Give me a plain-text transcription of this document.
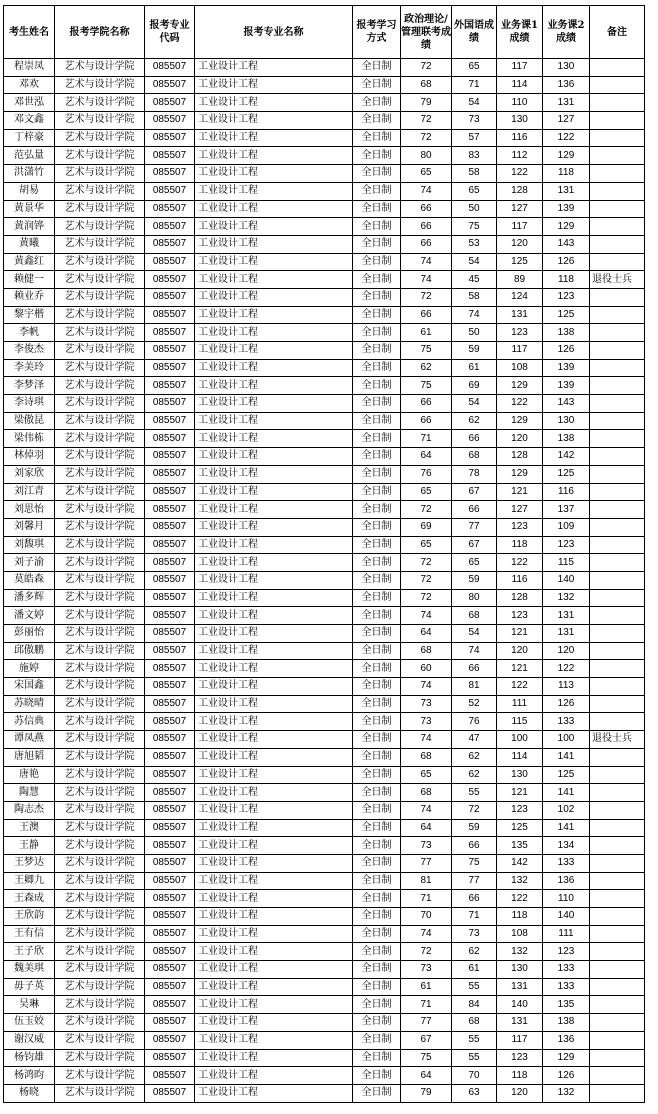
考生姓名	报考学院名称	报考专业代码	报考专业名称	报考学习方式	政治理论/管理联考成绩	外国语成绩	业务课1成绩	业务课2成绩	备注
程崇凤	艺术与设计学院	085507	工业设计工程	全日制	72	65	117	130	
邓欢	艺术与设计学院	085507	工业设计工程	全日制	68	71	114	136	
邓世泓	艺术与设计学院	085507	工业设计工程	全日制	79	54	110	131	
邓文鑫	艺术与设计学院	085507	工业设计工程	全日制	72	73	130	127	
丁梓豪	艺术与设计学院	085507	工业设计工程	全日制	72	57	116	122	
范弘量	艺术与设计学院	085507	工业设计工程	全日制	80	83	112	129	
洪潇竹	艺术与设计学院	085507	工业设计工程	全日制	65	58	122	118	
胡易	艺术与设计学院	085507	工业设计工程	全日制	74	65	128	131	
黄景华	艺术与设计学院	085507	工业设计工程	全日制	66	50	127	139	
黄润铧	艺术与设计学院	085507	工业设计工程	全日制	66	75	117	129	
黄曦	艺术与设计学院	085507	工业设计工程	全日制	66	53	120	143	
黄鑫红	艺术与设计学院	085507	工业设计工程	全日制	74	54	125	126	
赖健一	艺术与设计学院	085507	工业设计工程	全日制	74	45	89	118	退役士兵
赖业乔	艺术与设计学院	085507	工业设计工程	全日制	72	58	124	123	
黎宇楷	艺术与设计学院	085507	工业设计工程	全日制	66	74	131	125	
李帆	艺术与设计学院	085507	工业设计工程	全日制	61	50	123	138	
李俊杰	艺术与设计学院	085507	工业设计工程	全日制	75	59	117	126	
李美玲	艺术与设计学院	085507	工业设计工程	全日制	62	61	108	139	
李梦泽	艺术与设计学院	085507	工业设计工程	全日制	75	69	129	139	
李诗琪	艺术与设计学院	085507	工业设计工程	全日制	66	54	122	143	
梁傲昆	艺术与设计学院	085507	工业设计工程	全日制	66	62	129	130	
梁伟栋	艺术与设计学院	085507	工业设计工程	全日制	71	66	120	138	
林倬羽	艺术与设计学院	085507	工业设计工程	全日制	64	68	128	142	
刘家欣	艺术与设计学院	085507	工业设计工程	全日制	76	78	129	125	
刘江青	艺术与设计学院	085507	工业设计工程	全日制	65	67	121	116	
刘思怡	艺术与设计学院	085507	工业设计工程	全日制	72	66	127	137	
刘馨月	艺术与设计学院	085507	工业设计工程	全日制	69	77	123	109	
刘馥琪	艺术与设计学院	085507	工业设计工程	全日制	65	67	118	123	
刘子渝	艺术与设计学院	085507	工业设计工程	全日制	72	65	122	115	
莫皓森	艺术与设计学院	085507	工业设计工程	全日制	72	59	116	140	
潘多辉	艺术与设计学院	085507	工业设计工程	全日制	72	80	128	132	
潘文婷	艺术与设计学院	085507	工业设计工程	全日制	74	68	123	131	
彭丽怡	艺术与设计学院	085507	工业设计工程	全日制	64	54	121	131	
邱傲鹏	艺术与设计学院	085507	工业设计工程	全日制	68	74	120	120	
施婷	艺术与设计学院	085507	工业设计工程	全日制	60	66	121	122	
宋国鑫	艺术与设计学院	085507	工业设计工程	全日制	74	81	122	113	
苏晓晴	艺术与设计学院	085507	工业设计工程	全日制	73	52	111	126	
苏信典	艺术与设计学院	085507	工业设计工程	全日制	73	76	115	133	
谭凤燕	艺术与设计学院	085507	工业设计工程	全日制	74	47	100	100	退役士兵
唐旭韬	艺术与设计学院	085507	工业设计工程	全日制	68	62	114	141	
唐艳	艺术与设计学院	085507	工业设计工程	全日制	65	62	130	125	
陶慧	艺术与设计学院	085507	工业设计工程	全日制	68	55	121	141	
陶志杰	艺术与设计学院	085507	工业设计工程	全日制	74	72	123	102	
王澳	艺术与设计学院	085507	工业设计工程	全日制	64	59	125	141	
王静	艺术与设计学院	085507	工业设计工程	全日制	73	66	135	134	
王梦达	艺术与设计学院	085507	工业设计工程	全日制	77	75	142	133	
王卿九	艺术与设计学院	085507	工业设计工程	全日制	81	77	132	136	
王森成	艺术与设计学院	085507	工业设计工程	全日制	71	66	122	110	
王欣韵	艺术与设计学院	085507	工业设计工程	全日制	70	71	118	140	
王有信	艺术与设计学院	085507	工业设计工程	全日制	74	73	108	111	
王子欣	艺术与设计学院	085507	工业设计工程	全日制	72	62	132	123	
魏美琪	艺术与设计学院	085507	工业设计工程	全日制	73	61	130	133	
毋子英	艺术与设计学院	085507	工业设计工程	全日制	61	55	131	133	
吴琳	艺术与设计学院	085507	工业设计工程	全日制	71	84	140	135	
伍玉姣	艺术与设计学院	085507	工业设计工程	全日制	77	68	131	138	
谢汉威	艺术与设计学院	085507	工业设计工程	全日制	67	55	117	136	
杨钧雄	艺术与设计学院	085507	工业设计工程	全日制	75	55	123	129	
杨鸿昀	艺术与设计学院	085507	工业设计工程	全日制	64	70	118	126	
杨晓	艺术与设计学院	085507	工业设计工程	全日制	79	63	120	132	
